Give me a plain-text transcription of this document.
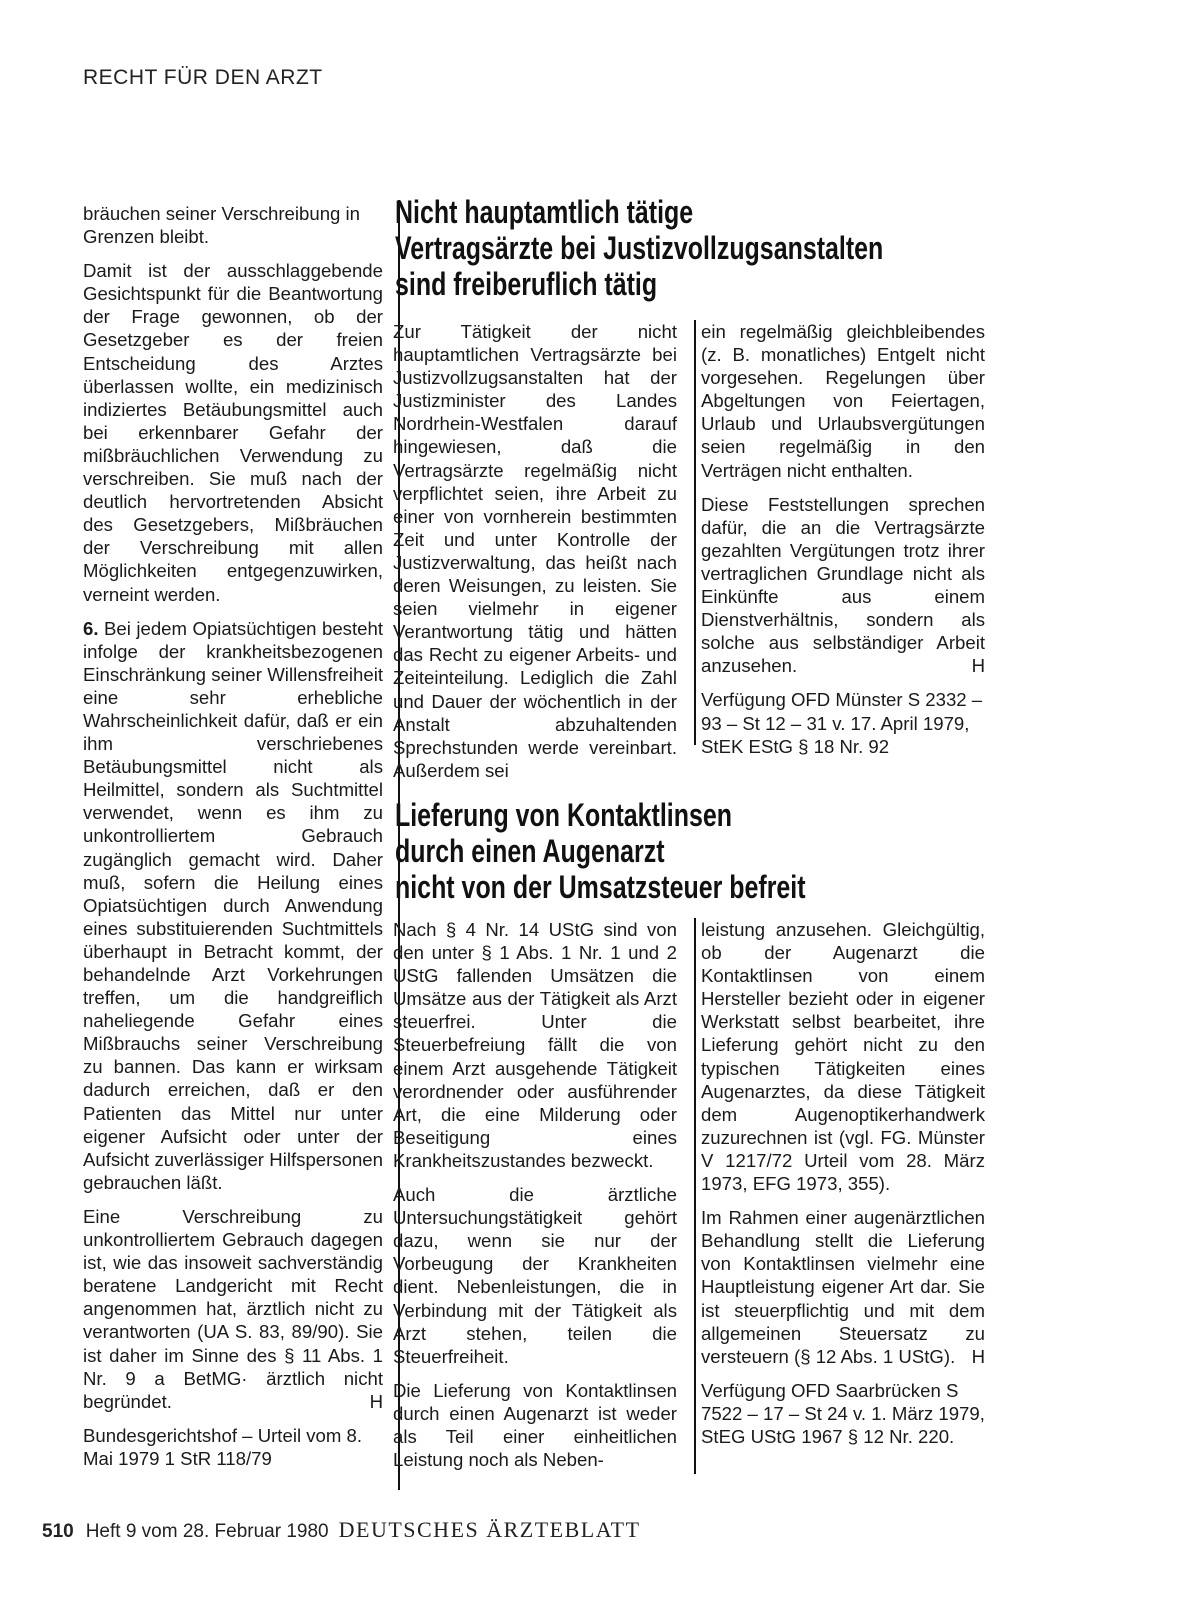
RECHT FÜR DEN ARZT

bräuchen seiner Verschreibung in Grenzen bleibt.

Damit ist der ausschlaggebende Gesichtspunkt für die Beantwortung der Frage gewonnen, ob der Gesetzgeber es der freien Entscheidung des Arztes überlassen wollte, ein medizinisch indiziertes Betäubungsmittel auch bei erkennbarer Gefahr der mißbräuchlichen Verwendung zu verschreiben. Sie muß nach der deutlich hervortretenden Absicht des Gesetzgebers, Mißbräuchen der Verschreibung mit allen Möglichkeiten entgegenzuwirken, verneint werden.

6. Bei jedem Opiatsüchtigen besteht infolge der krankheitsbezogenen Einschränkung seiner Willensfreiheit eine sehr erhebliche Wahrscheinlichkeit dafür, daß er ein ihm verschriebenes Betäubungsmittel nicht als Heilmittel, sondern als Suchtmittel verwendet, wenn es ihm zu unkontrolliertem Gebrauch zugänglich gemacht wird. Daher muß, sofern die Heilung eines Opiatsüchtigen durch Anwendung eines substituierenden Suchtmittels überhaupt in Betracht kommt, der behandelnde Arzt Vorkehrungen treffen, um die handgreiflich naheliegende Gefahr eines Mißbrauchs seiner Verschreibung zu bannen. Das kann er wirksam dadurch erreichen, daß er den Patienten das Mittel nur unter eigener Aufsicht oder unter der Aufsicht zuverlässiger Hilfspersonen gebrauchen läßt.

Eine Verschreibung zu unkontrolliertem Gebrauch dagegen ist, wie das insoweit sachverständig beratene Landgericht mit Recht angenommen hat, ärztlich nicht zu verantworten (UA S. 83, 89/90). Sie ist daher im Sinne des § 11 Abs. 1 Nr. 9 a BetMG· ärztlich nicht begründet.	H

Bundesgerichtshof – Urteil vom 8. Mai 1979 1 StR 118/79

Nicht hauptamtlich tätige
Vertragsärzte bei Justizvollzugsanstalten
sind freiberuflich tätig

Zur Tätigkeit der nicht hauptamtlichen Vertragsärzte bei Justizvollzugsanstalten hat der Justizminister des Landes Nordrhein-Westfalen darauf hingewiesen, daß die Vertragsärzte regelmäßig nicht verpflichtet seien, ihre Arbeit zu einer von vornherein bestimmten Zeit und unter Kontrolle der Justizverwaltung, das heißt nach deren Weisungen, zu leisten. Sie seien vielmehr in eigener Verantwortung tätig und hätten das Recht zu eigener Arbeits- und Zeiteinteilung. Lediglich die Zahl und Dauer der wöchentlich in der Anstalt abzuhaltenden Sprechstunden werde vereinbart. Außerdem sei

ein regelmäßig gleichbleibendes (z. B. monatliches) Entgelt nicht vorgesehen. Regelungen über Abgeltungen von Feiertagen, Urlaub und Urlaubsvergütungen seien regelmäßig in den Verträgen nicht enthalten.

Diese Feststellungen sprechen dafür, die an die Vertragsärzte gezahlten Vergütungen trotz ihrer vertraglichen Grundlage nicht als Einkünfte aus einem Dienstverhältnis, sondern als solche aus selbständiger Arbeit anzusehen.	H

Verfügung OFD Münster S 2332 – 93 – St 12 – 31 v. 17. April 1979, StEK EStG § 18 Nr. 92

Lieferung von Kontaktlinsen
durch einen Augenarzt
nicht von der Umsatzsteuer befreit

Nach § 4 Nr. 14 UStG sind von den unter § 1 Abs. 1 Nr. 1 und 2 UStG fallenden Umsätzen die Umsätze aus der Tätigkeit als Arzt steuerfrei. Unter die Steuerbefreiung fällt die von einem Arzt ausgehende Tätigkeit verordnender oder ausführender Art, die eine Milderung oder Beseitigung eines Krankheitszustandes bezweckt.

Auch die ärztliche Untersuchungstätigkeit gehört dazu, wenn sie nur der Vorbeugung der Krankheiten dient. Nebenleistungen, die in Verbindung mit der Tätigkeit als Arzt stehen, teilen die Steuerfreiheit.

Die Lieferung von Kontaktlinsen durch einen Augenarzt ist weder als Teil einer einheitlichen Leistung noch als Neben-

leistung anzusehen. Gleichgültig, ob der Augenarzt die Kontaktlinsen von einem Hersteller bezieht oder in eigener Werkstatt selbst bearbeitet, ihre Lieferung gehört nicht zu den typischen Tätigkeiten eines Augenarztes, da diese Tätigkeit dem Augenoptikerhandwerk zuzurechnen ist (vgl. FG. Münster V 1217/72 Urteil vom 28. März 1973, EFG 1973, 355).

Im Rahmen einer augenärztlichen Behandlung stellt die Lieferung von Kontaktlinsen vielmehr eine Hauptleistung eigener Art dar. Sie ist steuerpflichtig und mit dem allgemeinen Steuersatz zu versteuern (§ 12 Abs. 1 UStG). H

Verfügung OFD Saarbrücken S 7522 – 17 – St 24 v. 1. März 1979, StEG UStG 1967 § 12 Nr. 220.

510 Heft 9 vom 28. Februar 1980 DEUTSCHES ÄRZTEBLATT
